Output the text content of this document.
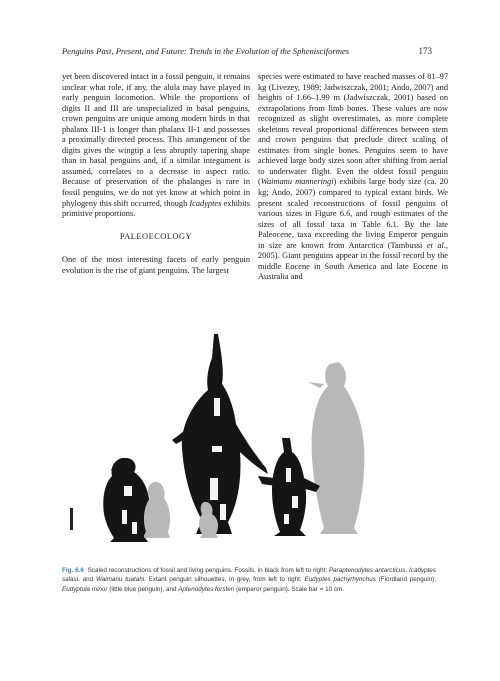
Penguins Past, Present, and Future: Trends in the Evolution of the Sphenisciformes	173

yet been discovered intact in a fossil penguin, it remains unclear what role, if any, the alula may have played in early penguin locomotion. While the proportions of digits II and III are unspecialized in basal penguins, crown penguins are unique among modern birds in that phalanx III-1 is longer than phalanx II-1 and possesses a proximally directed process. This arrangement of the digits gives the wingtip a less abruptly tapering shape than in basal penguins and, if a similar integument is assumed, correlates to a decrease in aspect ratio. Because of preservation of the phalanges is rare in fossil penguins, we do not yet know at which point in phylogeny this shift occurred, though Icadyptes exhibits primitive proportions.

PALEOECOLOGY

One of the most interesting facets of early penguin evolution is the rise of giant penguins. The largest

species were estimated to have reached masses of 81–97 kg (Livezey, 1989; Jadwiszczak, 2001; Ando, 2007) and heights of 1.66–1.99 m (Jadwiszczak, 2001) based on extrapolations from limb bones. These values are now recognized as slight overestimates, as more complete skeletons reveal proportional differences between stem and crown penguins that preclude direct scaling of estimates from single bones. Penguins seem to have achieved large body sizes soon after shifting from aerial to underwater flight. Even the oldest fossil penguin (Waimanu manneringi) exhibits large body size (ca. 20 kg; Ando, 2007) compared to typical extant birds. We present scaled reconstructions of fossil penguins of various sizes in Figure 6.6, and rough estimates of the sizes of all fossil taxa in Table 6.1. By the late Paleocene, taxa exceeding the living Emperor penguin in size are known from Antarctica (Tambussi et al., 2005). Giant penguins appear in the fossil record by the middle Eocene in South America and late Eocene in Australia and

Fig. 6.6 Scaled reconstructions of fossil and living penguins. Fossils, in black from left to right: Paraptenodytes antarcticus, Icadyptes salasi, and Waimanu tuatahi. Extant penguin silhouettes, in grey, from left to right: Eudyptes pachyrhynchus (Fiordland penguin), Eudyptula minor (little blue penguin), and Aptenodytes forsteri (emperor penguin). Scale bar = 10 cm.
